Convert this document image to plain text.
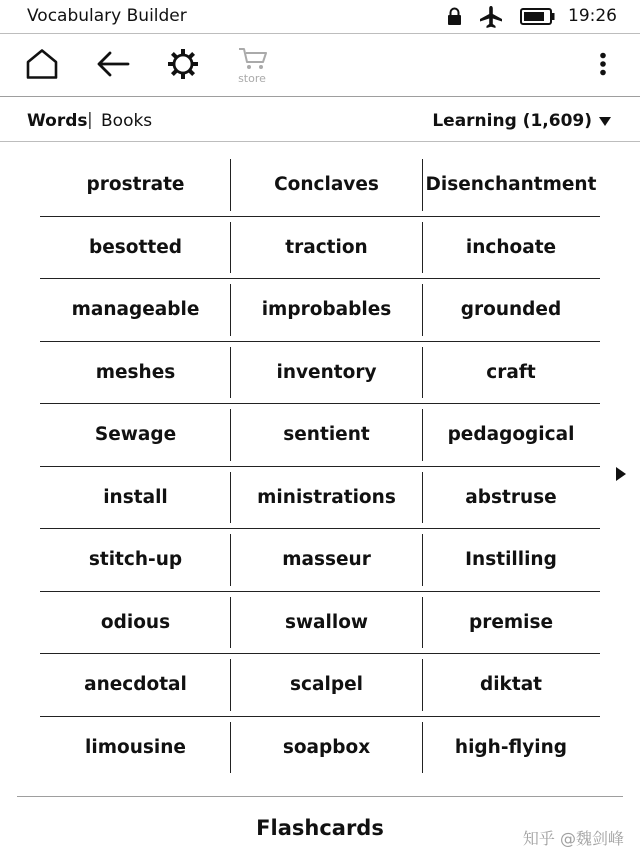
Vocabulary Builder	19:26
store
Words | Books	Learning (1,609)
prostrate	Conclaves	Disenchantment
besotted	traction	inchoate
manageable	improbables	grounded
meshes	inventory	craft
Sewage	sentient	pedagogical
install	ministrations	abstruse
stitch-up	masseur	Instilling
odious	swallow	premise
anecdotal	scalpel	diktat
limousine	soapbox	high-flying
Flashcards	知乎 @魏剑峰
